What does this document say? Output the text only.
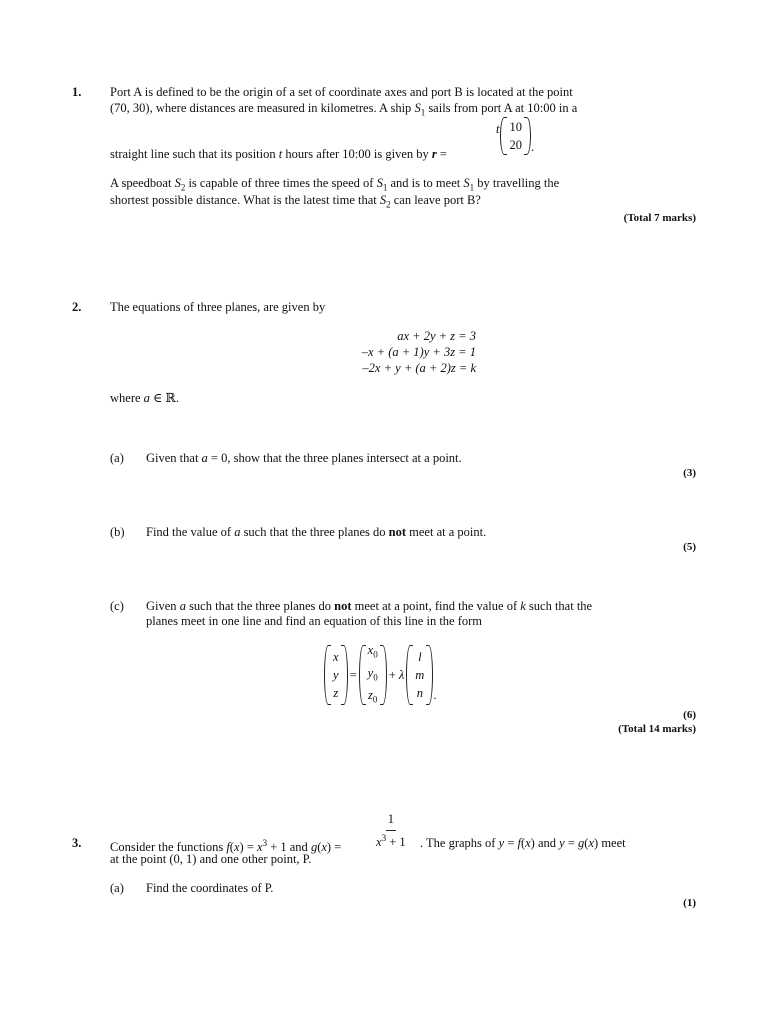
1. Port A is defined to be the origin of a set of coordinate axes and port B is located at the point
(70, 30), where distances are measured in kilometres. A ship $S_1$ sails from port A at 10:00 in a
straight line such that its position t hours after 10:00 is given by r =
t 10
20 .
A speedboat $S_2$ is capable of three times the speed of $S_1$ and is to meet $S_1$ by travelling the
shortest possible distance. What is the latest time that $S_2$ can leave port B?
(Total 7 marks)
2. The equations of three planes, are given by
ax + 2y + z = 3
–x + (a + 1)y + 3z = 1
–2x + y + (a + 2)z = k
where a ∈ ℝ.
(a) Given that a = 0, show that the three planes intersect at a point.
(3)
(b) Find the value of a such that the three planes do not meet at a point.
(5)
(c) Given a such that the three planes do not meet at a point, find the value of k such that the
planes meet in one line and find an equation of this line in the form
x
y
z
=
$x_0$
$y_0$
$z_0$
+ λ
l
m
n .
(6)
(Total 14 marks)
3. Consider the functions $f(x) = x^3 + 1$ and g(x) =	$\frac{1}{x^3 + 1}$ . The graphs of y = f(x) and y = g(x) meet
at the point (0, 1) and one other point, P.
(a) Find the coordinates of P.
(1)
